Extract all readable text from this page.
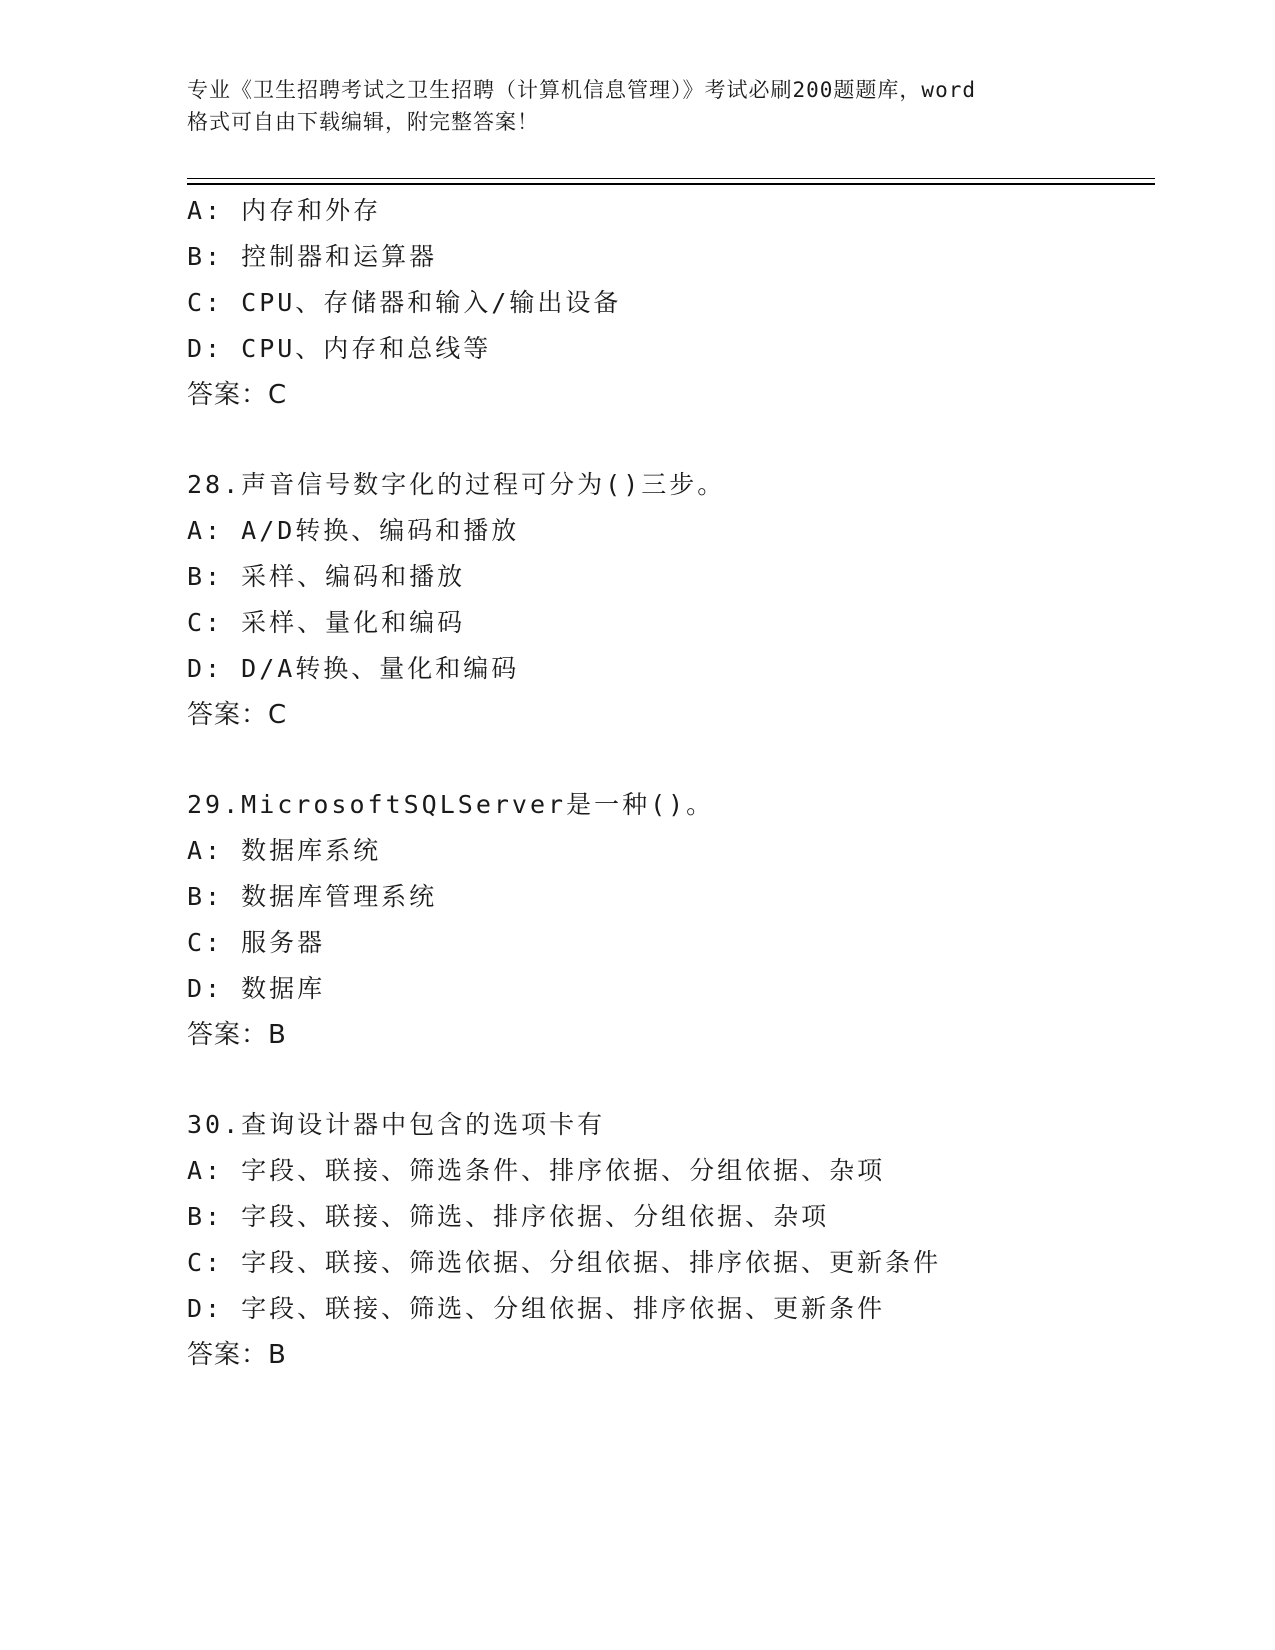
专业《卫生招聘考试之卫生招聘（计算机信息管理）》考试必刷200题题库，word
格式可自由下载编辑，附完整答案！
A: 内存和外存
B: 控制器和运算器
C: CPU、存储器和输入/输出设备
D: CPU、内存和总线等
答案：C
28.声音信号数字化的过程可分为()三步。
A: A/D转换、编码和播放
B: 采样、编码和播放
C: 采样、量化和编码
D: D/A转换、量化和编码
答案：C
29.MicrosoftSQLServer是一种()。
A: 数据库系统
B: 数据库管理系统
C: 服务器
D: 数据库
答案：B
30.查询设计器中包含的选项卡有
A: 字段、联接、筛选条件、排序依据、分组依据、杂项
B: 字段、联接、筛选、排序依据、分组依据、杂项
C: 字段、联接、筛选依据、分组依据、排序依据、更新条件
D: 字段、联接、筛选、分组依据、排序依据、更新条件
答案：B
